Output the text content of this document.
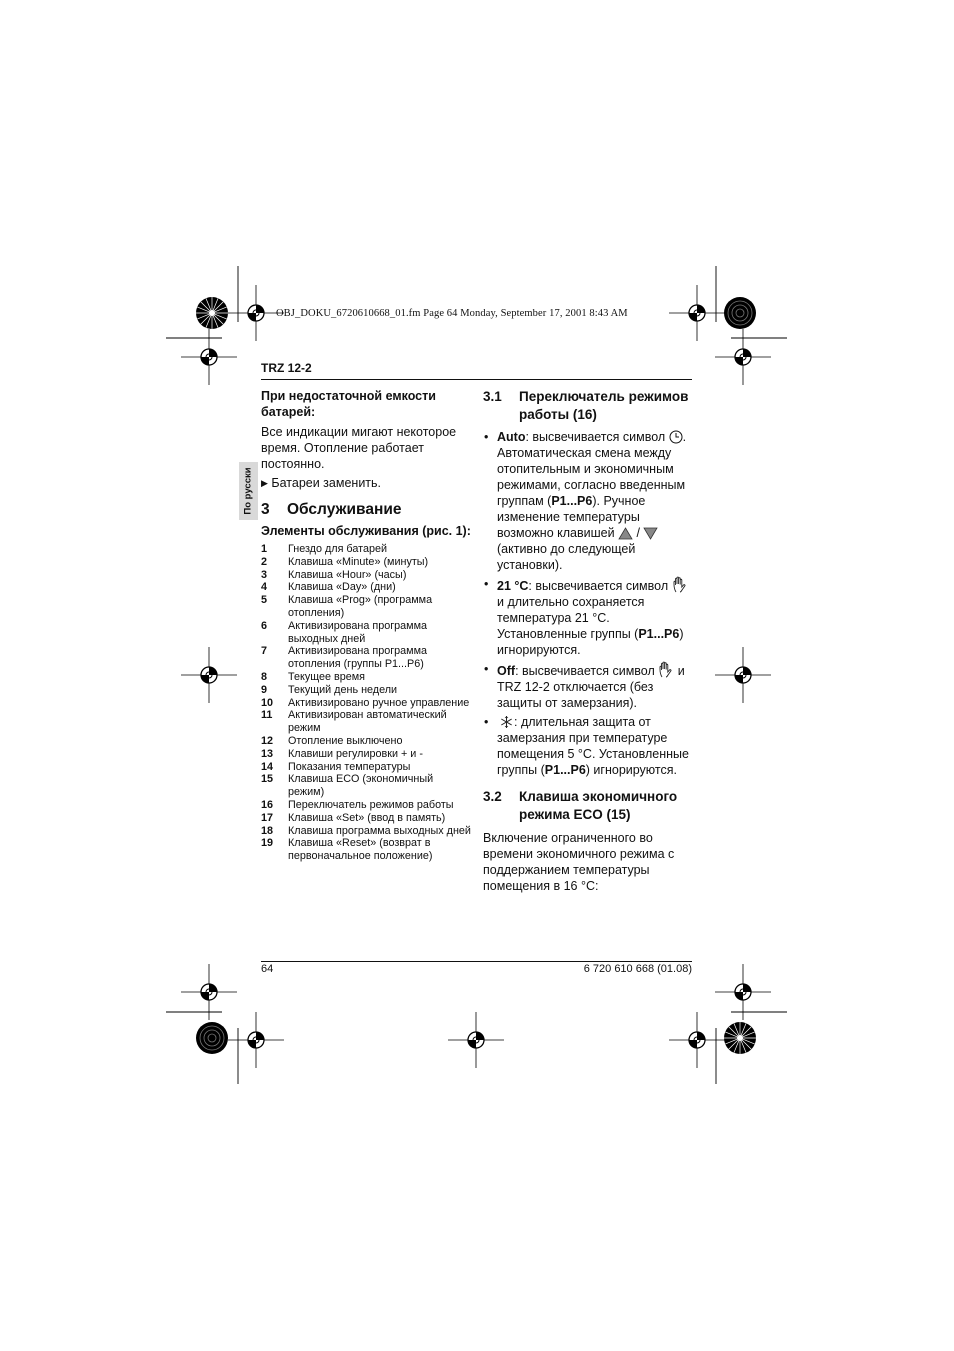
OBJ_DOKU_6720610668_01.fm Page 64 Monday, September 17, 2001 8:43 AM
TRZ 12-2
По русски

При недостаточной емкости батарей:

Все индикации мигают некоторое время. Отопление работает постоянно.

▶ Батареи заменить.

3 Обслуживание

Элементы обслуживания (рис. 1):

1	Гнездо для батарей
2	Клавиша «Minute» (минуты)
3	Клавиша «Hour» (часы)
4	Клавиша «Day» (дни)
5	Клавиша «Prog» (программа отопления)
6	Активизирована программа выходных дней
7	Активизирована программа отопления (группы P1...P6)
8	Текущее время
9	Текущий день недели
10	Активизировано ручное управление
11	Активизирован автоматический режим
12	Отопление выключено
13	Клавиши регулировки + и -
14	Показания температуры
15	Клавиша ECO (экономичный режим)
16	Переключатель режимов работы
17	Клавиша «Set» (ввод в память)
18	Клавиша программа выходных дней
19	Клавиша «Reset» (возврат в первоначальное положение)
3.1 Переключатель режимов работы (16)
• Auto: высвечивается символ . Автоматическая смена между отопительным и экономичным режимами, согласно введенным группам (P1...P6). Ручное изменение температуры возможно клавишей  /  (активно до следующей установки).
• 21 °C: высвечивается символ  и длительно сохраняется температура 21 °C. Установленные группы (P1...P6) игнорируются.
• Off: высвечивается символ  и TRZ 12-2 отключается (без защиты от замерзания).
• : длительная защита от замерзания при температуре помещения 5 °C. Установленные группы (P1...P6) игнорируются.
3.2 Клавиша экономичного режима ECO (15)

Включение ограниченного во времени экономичного режима с поддержанием температуры помещения в 16 °C:

64	6 720 610 668 (01.08)
